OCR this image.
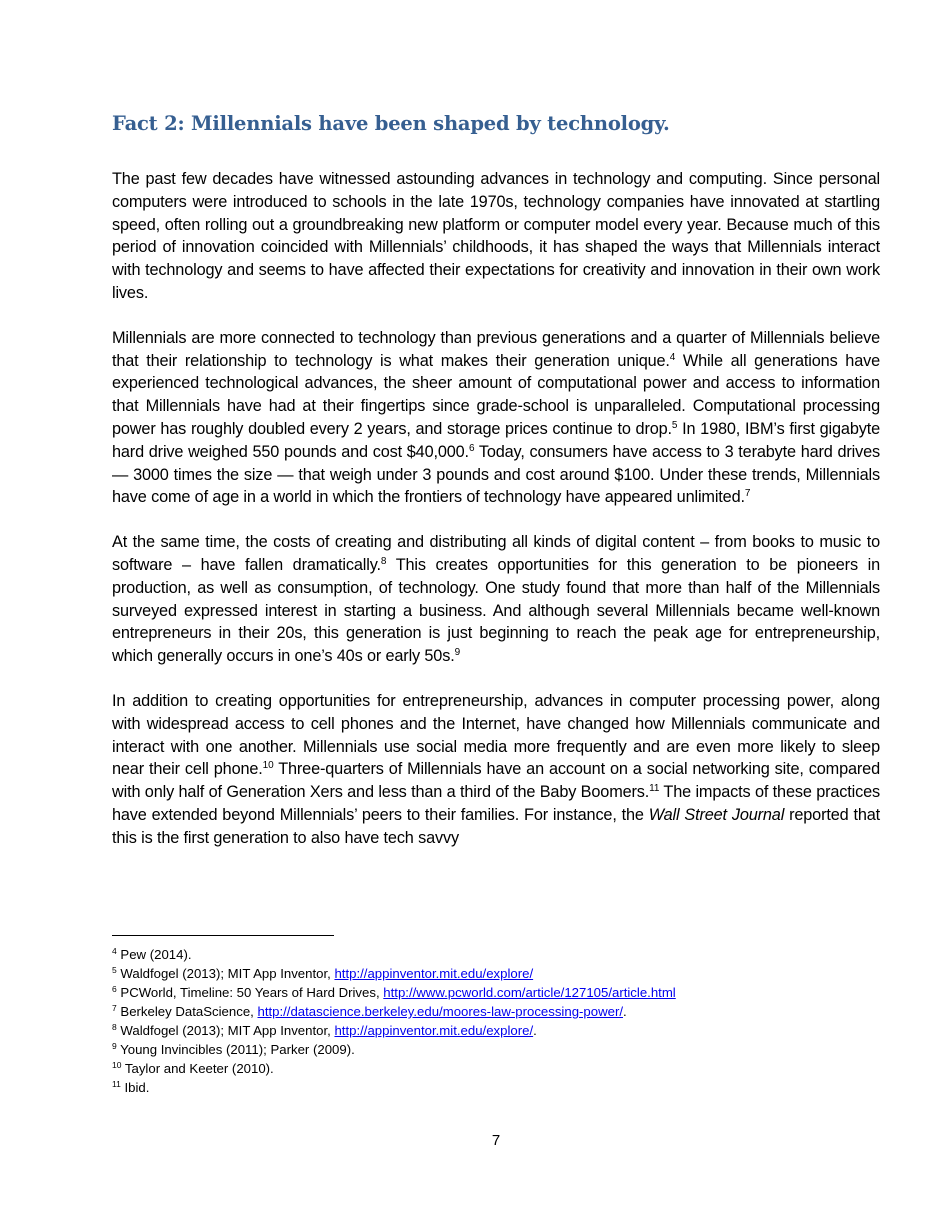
Fact 2: Millennials have been shaped by technology.

The past few decades have witnessed astounding advances in technology and computing. Since personal computers were introduced to schools in the late 1970s, technology companies have innovated at startling speed, often rolling out a groundbreaking new platform or computer model every year. Because much of this period of innovation coincided with Millennials’ childhoods, it has shaped the ways that Millennials interact with technology and seems to have affected their expectations for creativity and innovation in their own work lives.

Millennials are more connected to technology than previous generations and a quarter of Millennials believe that their relationship to technology is what makes their generation unique.$^4$ While all generations have experienced technological advances, the sheer amount of computational power and access to information that Millennials have had at their fingertips since grade-school is unparalleled. Computational processing power has roughly doubled every 2 years, and storage prices continue to drop.$^5$ In 1980, IBM’s first gigabyte hard drive weighed 550 pounds and cost $40,000.$^6$ Today, consumers have access to 3 terabyte hard drives — 3000 times the size — that weigh under 3 pounds and cost around $100. Under these trends, Millennials have come of age in a world in which the frontiers of technology have appeared unlimited.$^7$

At the same time, the costs of creating and distributing all kinds of digital content – from books to music to software – have fallen dramatically.$^8$ This creates opportunities for this generation to be pioneers in production, as well as consumption, of technology. One study found that more than half of the Millennials surveyed expressed interest in starting a business. And although several Millennials became well-known entrepreneurs in their 20s, this generation is just beginning to reach the peak age for entrepreneurship, which generally occurs in one’s 40s or early 50s.$^9$

In addition to creating opportunities for entrepreneurship, advances in computer processing power, along with widespread access to cell phones and the Internet, have changed how Millennials communicate and interact with one another. Millennials use social media more frequently and are even more likely to sleep near their cell phone.$^{10}$ Three-quarters of Millennials have an account on a social networking site, compared with only half of Generation Xers and less than a third of the Baby Boomers.$^{11}$ The impacts of these practices have extended beyond Millennials’ peers to their families. For instance, the Wall Street Journal reported that this is the first generation to also have tech savvy

$^4$ Pew (2014).
$^5$ Waldfogel (2013); MIT App Inventor, http://appinventor.mit.edu/explore/
$^6$ PCWorld, Timeline: 50 Years of Hard Drives, http://www.pcworld.com/article/127105/article.html
$^7$ Berkeley DataScience, http://datascience.berkeley.edu/moores-law-processing-power/.
$^8$ Waldfogel (2013); MIT App Inventor, http://appinventor.mit.edu/explore/.
$^9$ Young Invincibles (2011); Parker (2009).
$^{10}$ Taylor and Keeter (2010).
$^{11}$ Ibid.
7
